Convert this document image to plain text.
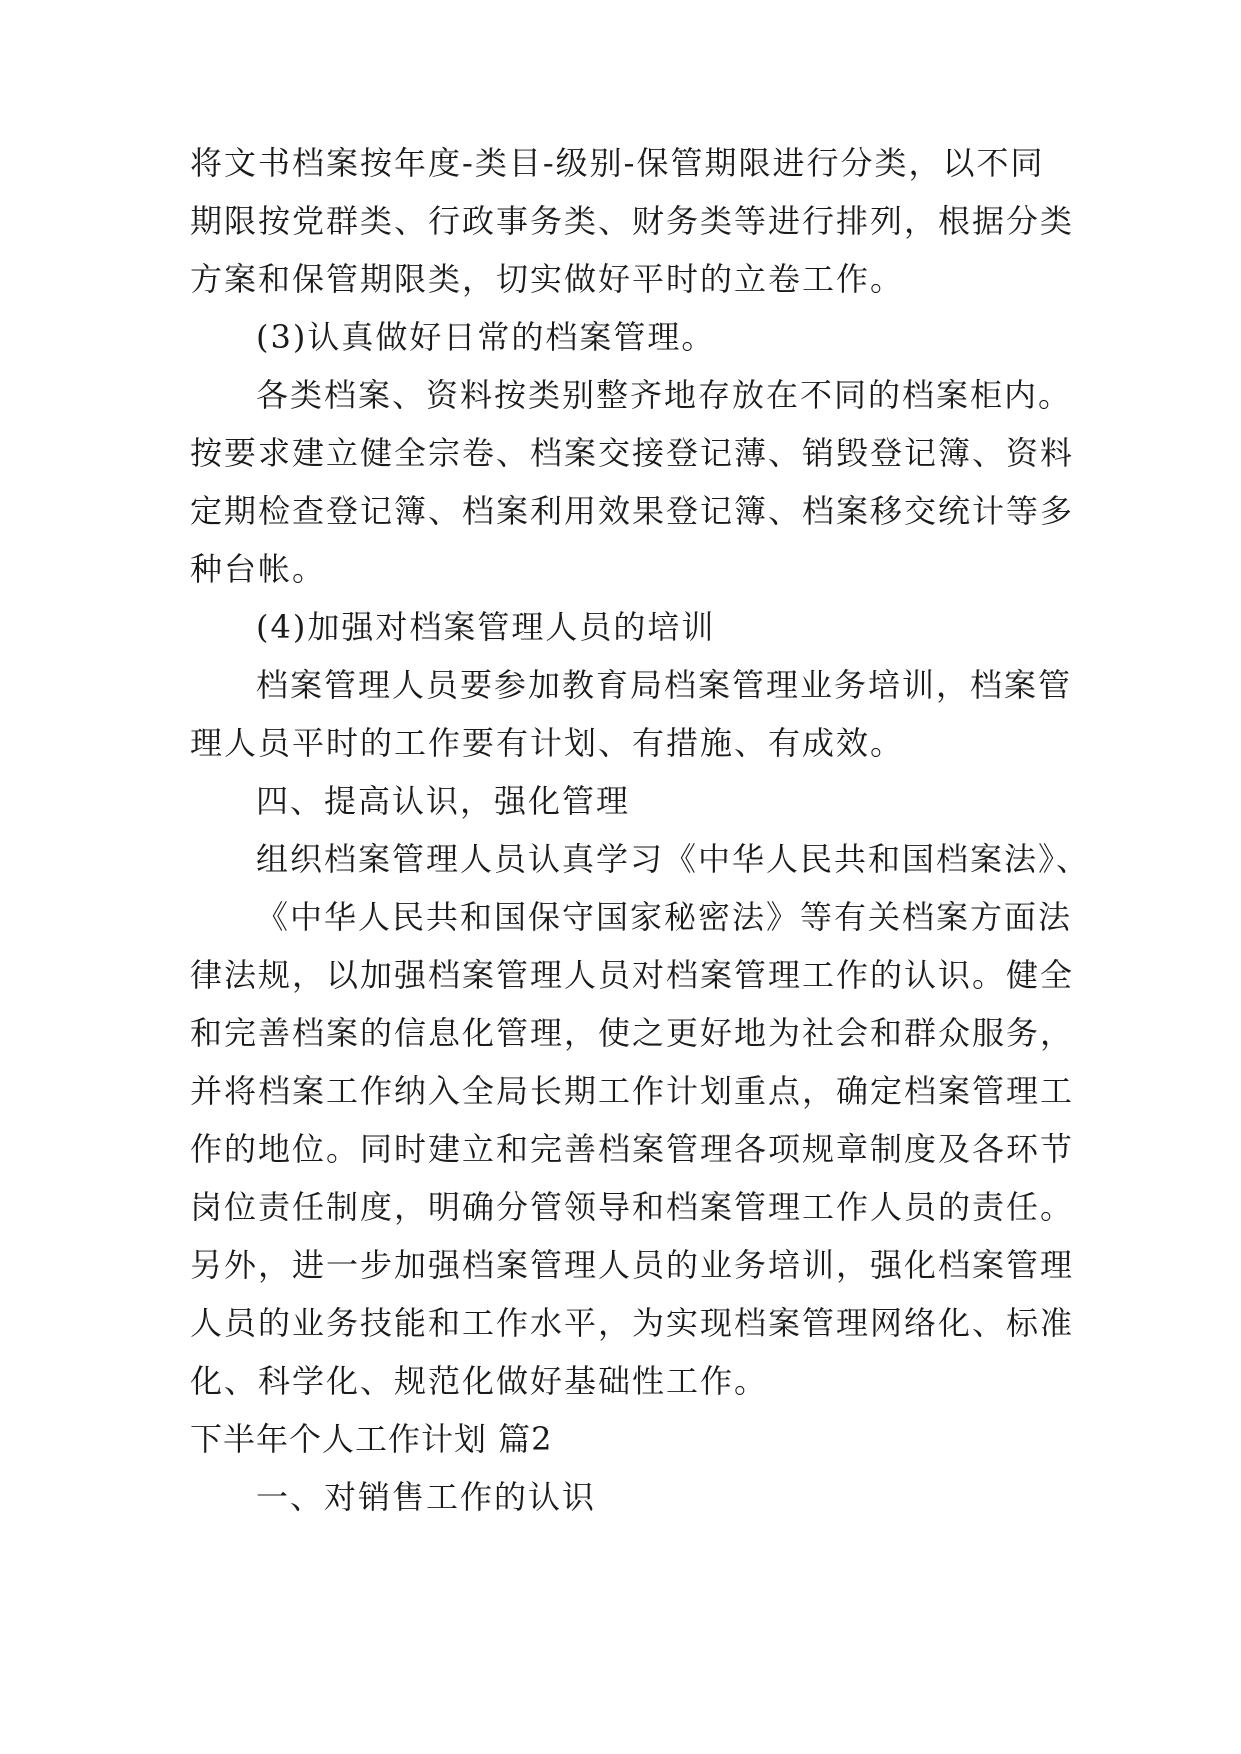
将文书档案按年度-类目-级别-保管期限进行分类，以不同
期限按党群类、行政事务类、财务类等进行排列，根据分类
方案和保管期限类，切实做好平时的立卷工作。
(3)认真做好日常的档案管理。
各类档案、资料按类别整齐地存放在不同的档案柜内。
按要求建立健全宗卷、档案交接登记薄、销毁登记簿、资料
定期检查登记簿、档案利用效果登记簿、档案移交统计等多
种台帐。
(4)加强对档案管理人员的培训
档案管理人员要参加教育局档案管理业务培训，档案管
理人员平时的工作要有计划、有措施、有成效。
四、提高认识，强化管理
组织档案管理人员认真学习《中华人民共和国档案法》、
《中华人民共和国保守国家秘密法》等有关档案方面法
律法规，以加强档案管理人员对档案管理工作的认识。健全
和完善档案的信息化管理，使之更好地为社会和群众服务，
并将档案工作纳入全局长期工作计划重点，确定档案管理工
作的地位。同时建立和完善档案管理各项规章制度及各环节
岗位责任制度，明确分管领导和档案管理工作人员的责任。
另外，进一步加强档案管理人员的业务培训，强化档案管理
人员的业务技能和工作水平，为实现档案管理网络化、标准
化、科学化、规范化做好基础性工作。
下半年个人工作计划 篇2
一、对销售工作的认识
